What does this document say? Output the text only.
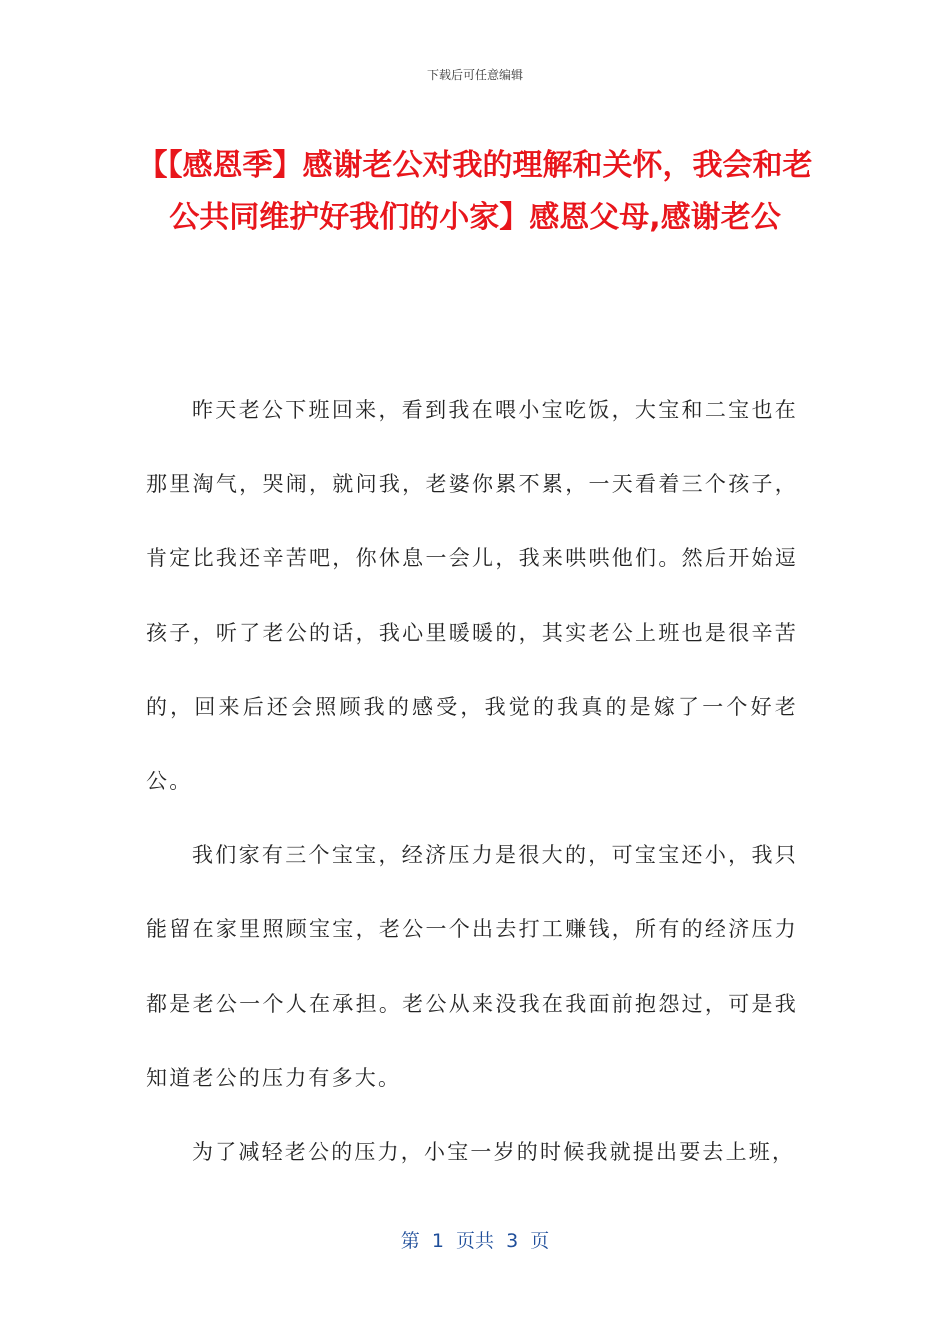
下载后可任意编辑
【【感恩季】感谢老公对我的理解和关怀，我会和老公共同维护好我们的小家】感恩父母,感谢老公

昨天老公下班回来，看到我在喂小宝吃饭，大宝和二宝也在那里淘气，哭闹，就问我，老婆你累不累，一天看着三个孩子，肯定比我还辛苦吧，你休息一会儿，我来哄哄他们。然后开始逗孩子，听了老公的话，我心里暖暖的，其实老公上班也是很辛苦的，回来后还会照顾我的感受，我觉的我真的是嫁了一个好老公。

我们家有三个宝宝，经济压力是很大的，可宝宝还小，我只能留在家里照顾宝宝，老公一个出去打工赚钱，所有的经济压力都是老公一个人在承担。老公从来没我在我面前抱怨过，可是我知道老公的压力有多大。

为了减轻老公的压力，小宝一岁的时候我就提出要去上班，

第  1  页共  3  页
